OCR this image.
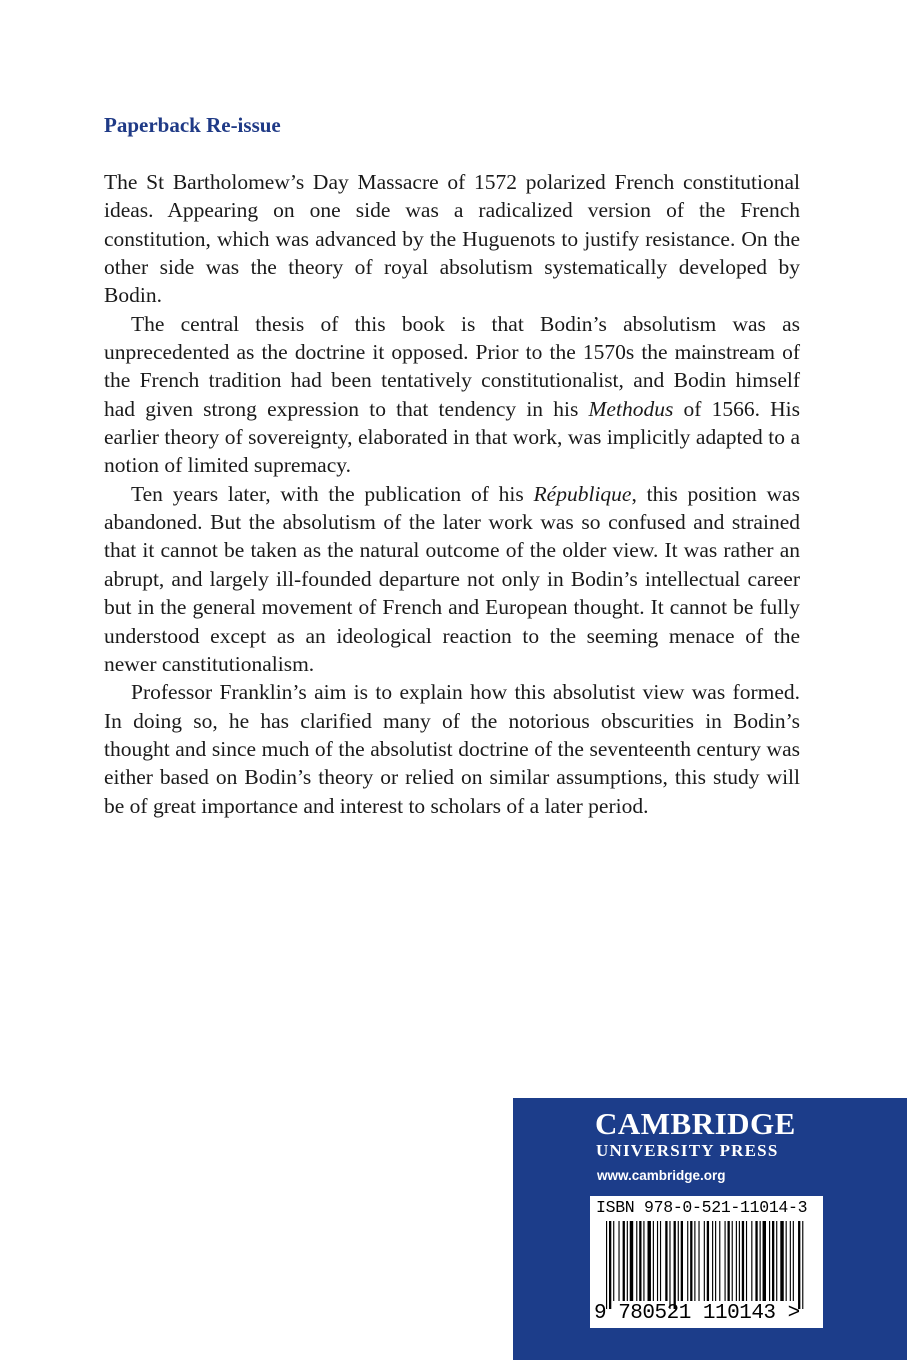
Paperback Re-issue

The St Bartholomew’s Day Massacre of 1572 polarized French constitutional ideas. Appearing on one side was a radicalized version of the French constitution, which was advanced by the Huguenots to justify resistance. On the other side was the theory of royal absolutism systematically developed by Bodin.

The central thesis of this book is that Bodin’s absolutism was as unprecedented as the doctrine it opposed. Prior to the 1570s the mainstream of the French tradition had been tentatively constitutionalist, and Bodin himself had given strong expression to that tendency in his Methodus of 1566. His earlier theory of sovereignty, elaborated in that work, was implicitly adapted to a notion of limited supremacy.

Ten years later, with the publication of his République, this position was abandoned. But the absolutism of the later work was so confused and strained that it cannot be taken as the natural outcome of the older view. It was rather an abrupt, and largely ill-founded departure not only in Bodin’s intellectual career but in the general movement of French and European thought. It cannot be fully understood except as an ideological reaction to the seeming menace of the newer canstitutionalism.

Professor Franklin’s aim is to explain how this absolutist view was formed. In doing so, he has clarified many of the notorious obscurities in Bodin’s thought and since much of the absolutist doctrine of the seventeenth century was either based on Bodin’s theory or relied on similar assumptions, this study will be of great importance and interest to scholars of a later period.

CAMBRIDGE
UNIVERSITY PRESS
www.cambridge.org
ISBN 978-0-521-11014-3
9 780521 110143 >
